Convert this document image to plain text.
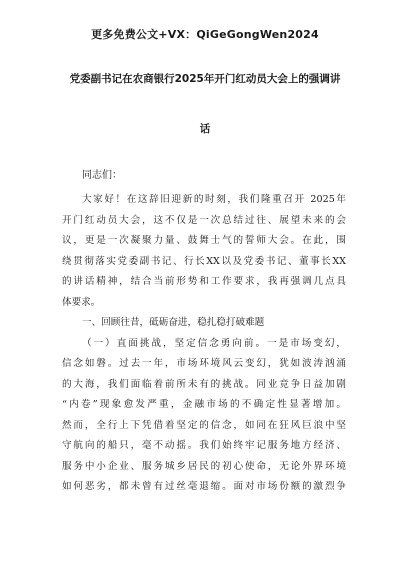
更多免费公文+VX：QiGeGongWen2024
党委副书记在农商银行2025年开门红动员大会上的强调讲
话
同志们：
大家好！在这辞旧迎新的时刻，我们隆重召开 2025年
开门红动员大会，这不仅是一次总结过往、展望未来的会
议，更是一次凝聚力量、鼓舞士气的誓师大会。在此，围
绕贯彻落实党委副书记、行长XX以及党委书记、董事长XX
的讲话精神，结合当前形势和工作要求，我再强调几点具
体要求。
一、回顾往昔，砥砺奋进，稳扎稳打破难题
（一）直面挑战，坚定信念勇向前。一是市场变幻，
信念如磐。过去一年，市场环境风云变幻，犹如波涛汹涌
的大海，我们面临着前所未有的挑战。同业竞争日益加剧
“内卷”现象愈发严重，金融市场的不确定性显著增加。
然而，全行上下凭借着坚定的信念，如同在狂风巨浪中坚
守航向的船只，毫不动摇。我们始终牢记服务地方经济、
服务中小企业、服务城乡居民的初心使命，无论外界环境
如何恶劣，都未曾有过丝毫退缩。面对市场份额的激烈争
